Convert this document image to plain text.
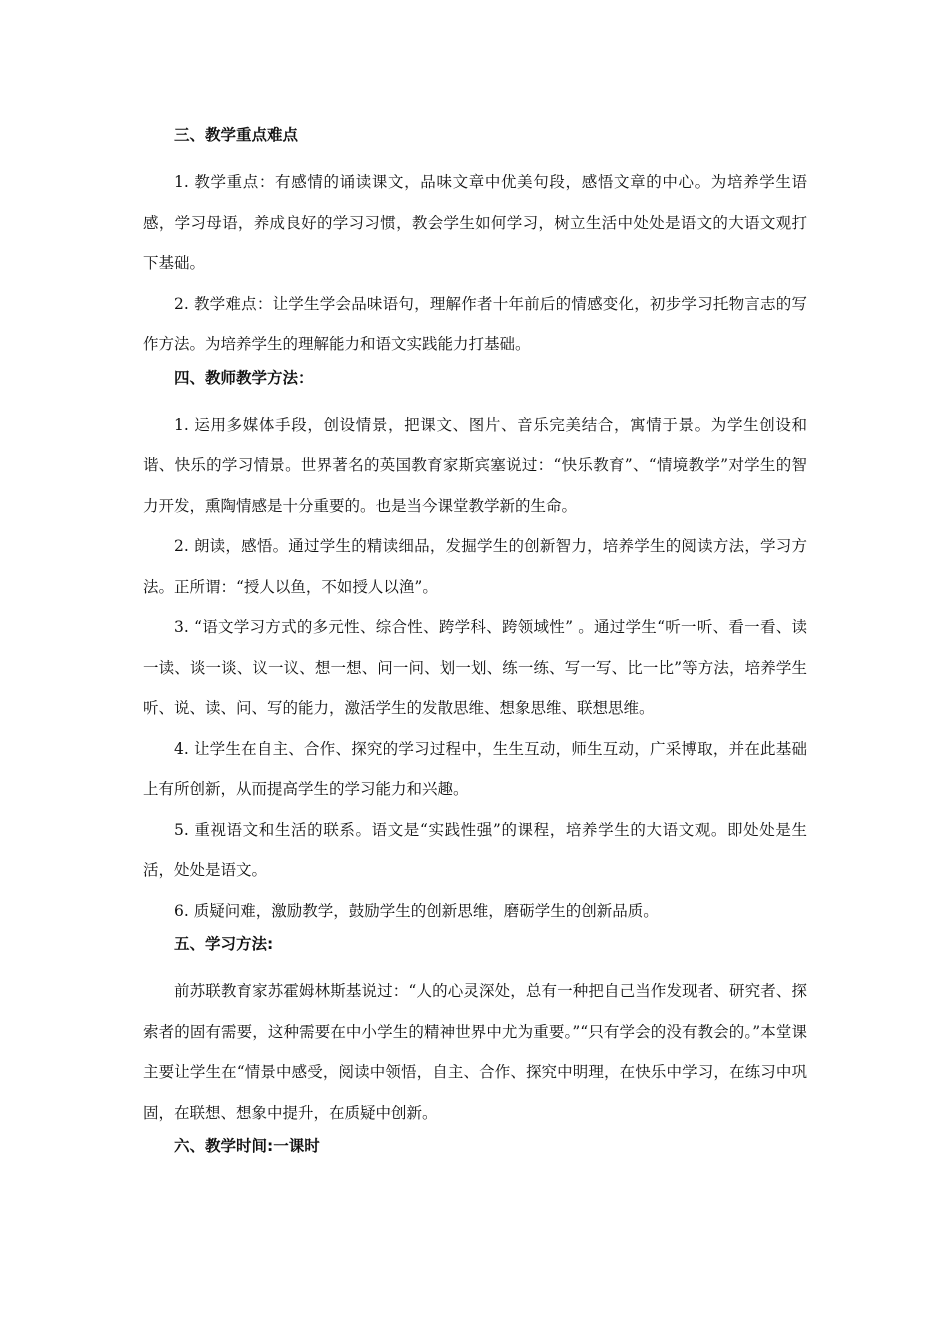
三、教学重点难点

1. 教学重点：有感情的诵读课文，品味文章中优美句段，感悟文章的中心。为培养学生语感，学习母语，养成良好的学习习惯，教会学生如何学习，树立生活中处处是语文的大语文观打下基础。

2. 教学难点：让学生学会品味语句，理解作者十年前后的情感变化，初步学习托物言志的写作方法。为培养学生的理解能力和语文实践能力打基础。

四、教师教学方法：

1. 运用多媒体手段，创设情景，把课文、图片、音乐完美结合，寓情于景。为学生创设和谐、快乐的学习情景。世界著名的英国教育家斯宾塞说过：“快乐教育”、“情境教学”对学生的智力开发，熏陶情感是十分重要的。也是当今课堂教学新的生命。

2. 朗读，感悟。通过学生的精读细品，发掘学生的创新智力，培养学生的阅读方法，学习方法。正所谓：“授人以鱼，不如授人以渔”。

3. “语文学习方式的多元性、综合性、跨学科、跨领域性” 。通过学生“听一听、看一看、读一读、谈一谈、议一议、想一想、问一问、划一划、练一练、写一写、比一比”等方法，培养学生听、说、读、问、写的能力，激活学生的发散思维、想象思维、联想思维。

4. 让学生在自主、合作、探究的学习过程中，生生互动，师生互动，广采博取，并在此基础上有所创新，从而提高学生的学习能力和兴趣。

5. 重视语文和生活的联系。语文是“实践性强”的课程，培养学生的大语文观。即处处是生活，处处是语文。

6. 质疑问难，激励教学，鼓励学生的创新思维，磨砺学生的创新品质。

五、学习方法:

前苏联教育家苏霍姆林斯基说过：“人的心灵深处，总有一种把自己当作发现者、研究者、探索者的固有需要，这种需要在中小学生的精神世界中尤为重要。”“只有学会的没有教会的。”本堂课主要让学生在“情景中感受，阅读中领悟，自主、合作、探究中明理，在快乐中学习，在练习中巩固，在联想、想象中提升，在质疑中创新。

六、教学时间:一课时
